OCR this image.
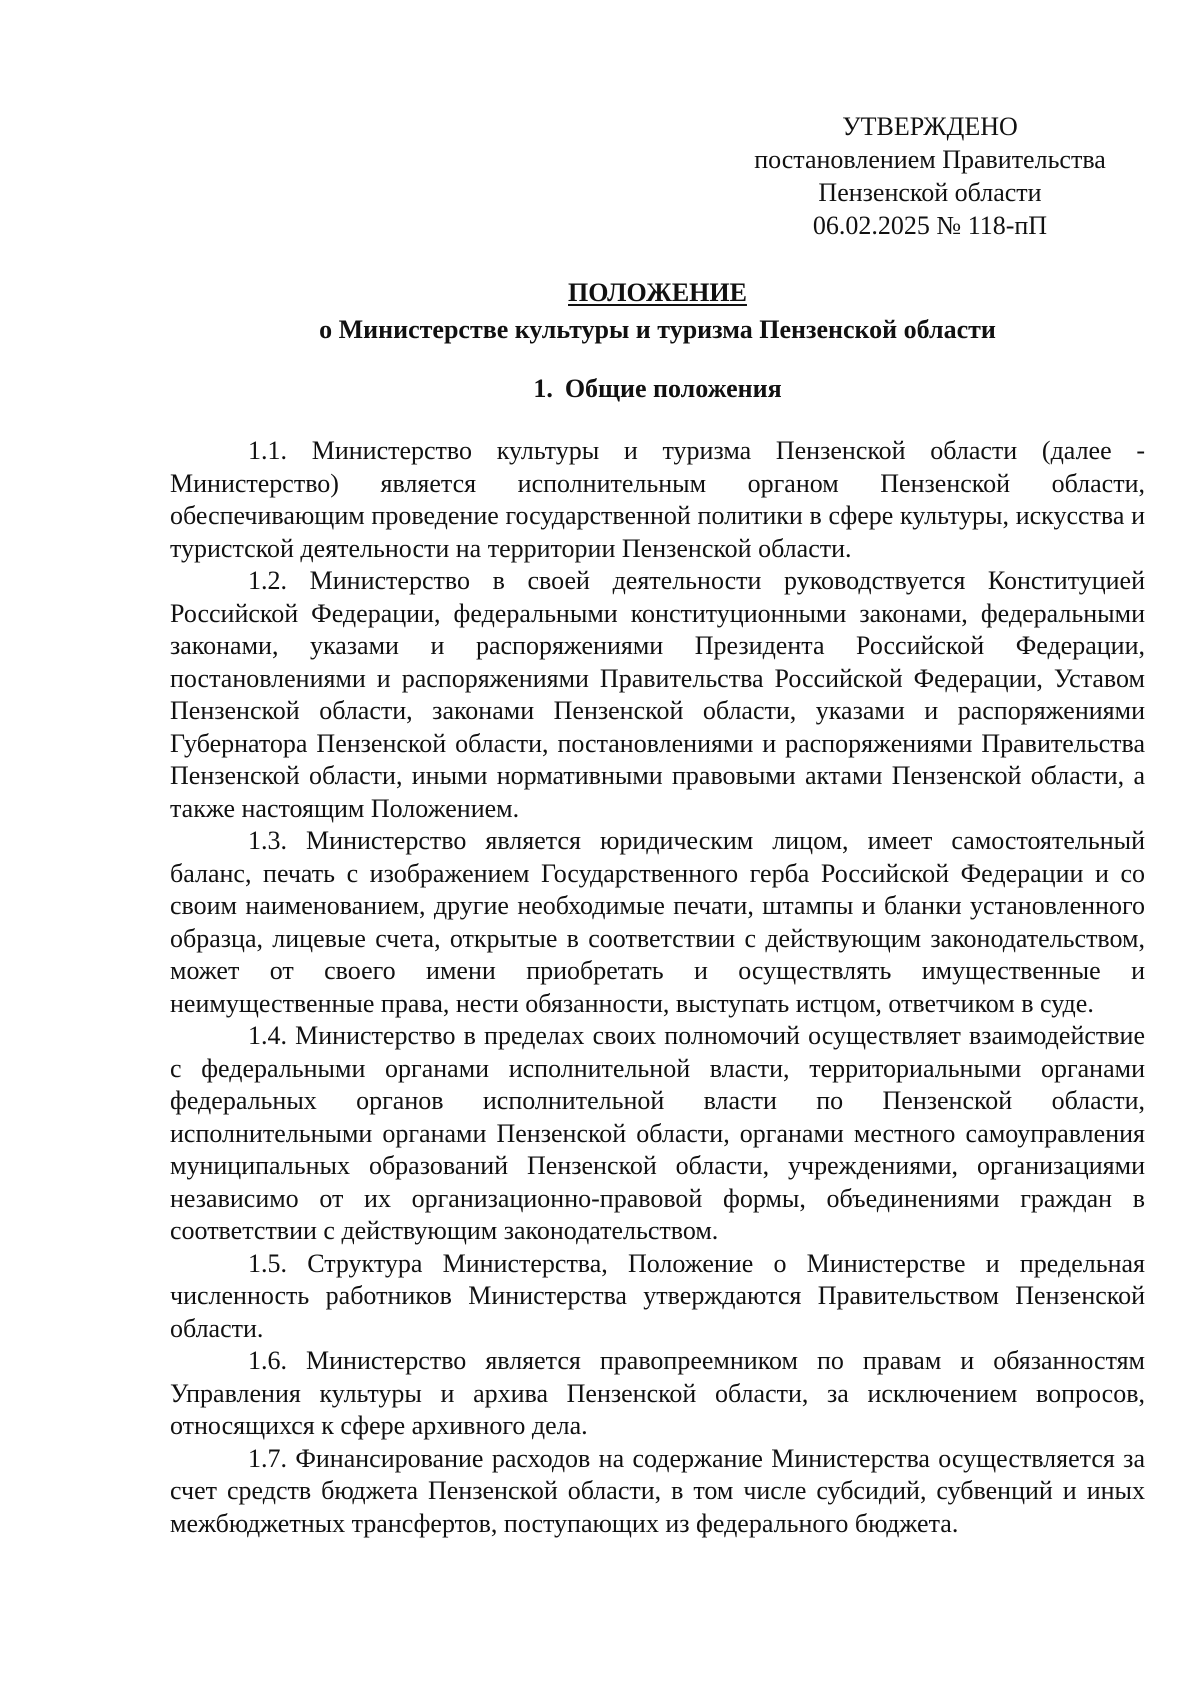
УТВЕРЖДЕНО
постановлением Правительства
Пензенской области
06.02.2025 № 118-пП
ПОЛОЖЕНИЕ
о Министерстве культуры и туризма Пензенской области
1. Общие положения

1.1. Министерство культуры и туризма Пензенской области (далее - Министерство) является исполнительным органом Пензенской области, обеспечивающим проведение государственной политики в сфере культуры, искусства и туристской деятельности на территории Пензенской области.

1.2. Министерство в своей деятельности руководствуется Конституцией Российской Федерации, федеральными конституционными законами, федеральными законами, указами и распоряжениями Президента Российской Федерации, постановлениями и распоряжениями Правительства Российской Федерации, Уставом Пензенской области, законами Пензенской области, указами и распоряжениями Губернатора Пензенской области, постановлениями и распоряжениями Правительства Пензенской области, иными нормативными правовыми актами Пензенской области, а также настоящим Положением.

1.3. Министерство является юридическим лицом, имеет самостоятельный баланс, печать с изображением Государственного герба Российской Федерации и со своим наименованием, другие необходимые печати, штампы и бланки установленного образца, лицевые счета, открытые в соответствии с действующим законодательством, может от своего имени приобретать и осуществлять имущественные и неимущественные права, нести обязанности, выступать истцом, ответчиком в суде.

1.4. Министерство в пределах своих полномочий осуществляет взаимодействие с федеральными органами исполнительной власти, территориальными органами федеральных органов исполнительной власти по Пензенской области, исполнительными органами Пензенской области, органами местного самоуправления муниципальных образований Пензенской области, учреждениями, организациями независимо от их организационно-правовой формы, объединениями граждан в соответствии с действующим законодательством.

1.5. Структура Министерства, Положение о Министерстве и предельная численность работников Министерства утверждаются Правительством Пензенской области.

1.6. Министерство является правопреемником по правам и обязанностям Управления культуры и архива Пензенской области, за исключением вопросов, относящихся к сфере архивного дела.

1.7. Финансирование расходов на содержание Министерства осуществляется за счет средств бюджета Пензенской области, в том числе субсидий, субвенций и иных межбюджетных трансфертов, поступающих из федерального бюджета.
